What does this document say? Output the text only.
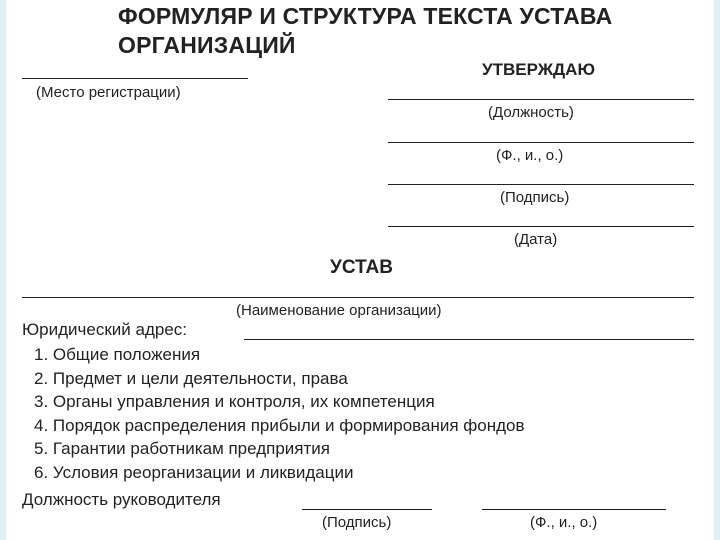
ФОРМУЛЯР И СТРУКТУРА ТЕКСТА УСТАВА ОРГАНИЗАЦИЙ
(Место регистрации)
УТВЕРЖДАЮ
(Должность)
(Ф., и., о.)
(Подпись)
(Дата)
УСТАВ
(Наименование организации)
Юридический адрес:
1. Общие положения
2. Предмет и цели деятельности, права
3. Органы управления и контроля, их компетенция
4. Порядок распределения прибыли и формирования фондов
5. Гарантии работникам предприятия
6. Условия реорганизации и ликвидации
Должность руководителя
(Подпись)	(Ф., и., о.)
